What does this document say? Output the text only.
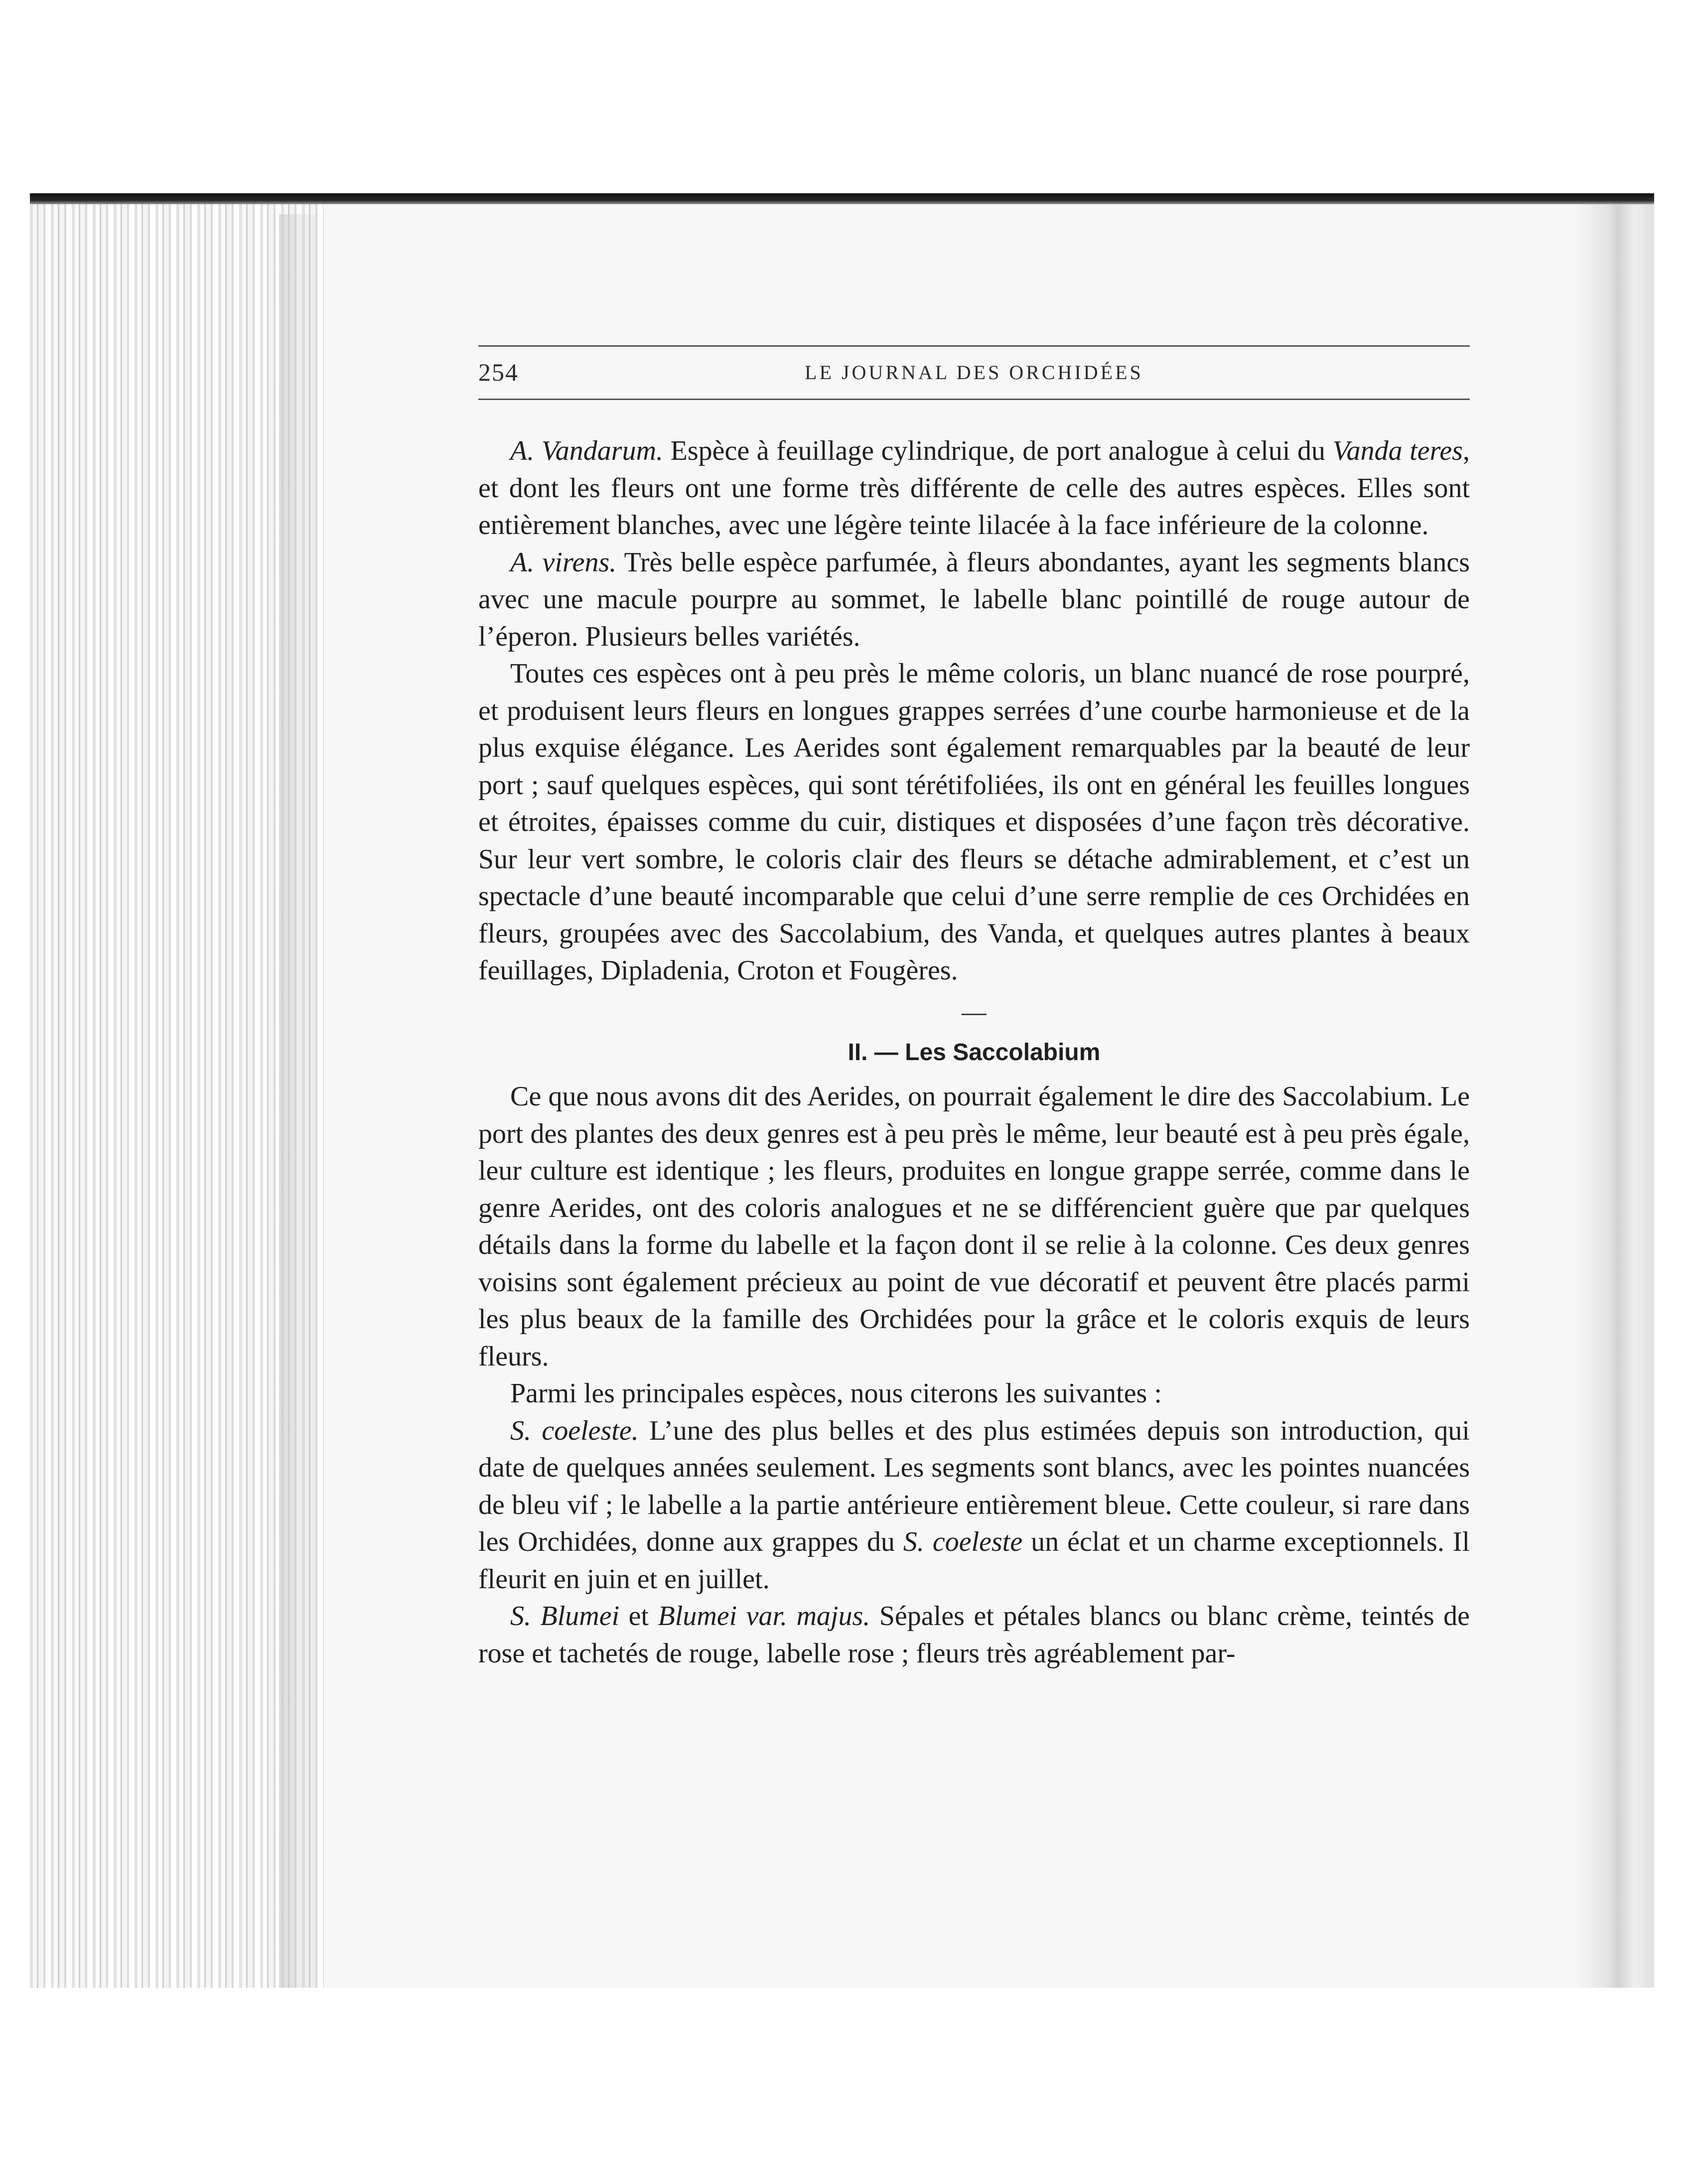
254	LE JOURNAL DES ORCHIDÉES

A. Vandarum. Espèce à feuillage cylindrique, de port analogue à celui du Vanda teres, et dont les fleurs ont une forme très différente de celle des autres espèces. Elles sont entièrement blanches, avec une légère teinte lilacée à la face inférieure de la colonne.

A. virens. Très belle espèce parfumée, à fleurs abondantes, ayant les segments blancs avec une macule pourpre au sommet, le labelle blanc pointillé de rouge autour de l’éperon. Plusieurs belles variétés.

Toutes ces espèces ont à peu près le même coloris, un blanc nuancé de rose pourpré, et produisent leurs fleurs en longues grappes serrées d’une courbe harmonieuse et de la plus exquise élégance. Les Aerides sont également remarquables par la beauté de leur port ; sauf quelques espèces, qui sont térétifoliées, ils ont en général les feuilles longues et étroites, épaisses comme du cuir, distiques et disposées d’une façon très décorative. Sur leur vert sombre, le coloris clair des fleurs se détache admirablement, et c’est un spectacle d’une beauté incomparable que celui d’une serre remplie de ces Orchidées en fleurs, groupées avec des Saccolabium, des Vanda, et quelques autres plantes à beaux feuillages, Dipladenia, Croton et Fougères.

—
II. — Les Saccolabium

Ce que nous avons dit des Aerides, on pourrait également le dire des Saccolabium. Le port des plantes des deux genres est à peu près le même, leur beauté est à peu près égale, leur culture est identique ; les fleurs, produites en longue grappe serrée, comme dans le genre Aerides, ont des coloris analogues et ne se différencient guère que par quelques détails dans la forme du labelle et la façon dont il se relie à la colonne. Ces deux genres voisins sont également précieux au point de vue décoratif et peuvent être placés parmi les plus beaux de la famille des Orchidées pour la grâce et le coloris exquis de leurs fleurs.

Parmi les principales espèces, nous citerons les suivantes :

S. coeleste. L’une des plus belles et des plus estimées depuis son introduction, qui date de quelques années seulement. Les segments sont blancs, avec les pointes nuancées de bleu vif ; le labelle a la partie antérieure entièrement bleue. Cette couleur, si rare dans les Orchidées, donne aux grappes du S. coeleste un éclat et un charme exceptionnels. Il fleurit en juin et en juillet.

S. Blumei et Blumei var. majus. Sépales et pétales blancs ou blanc crème, teintés de rose et tachetés de rouge, labelle rose ; fleurs très agréablement par-
